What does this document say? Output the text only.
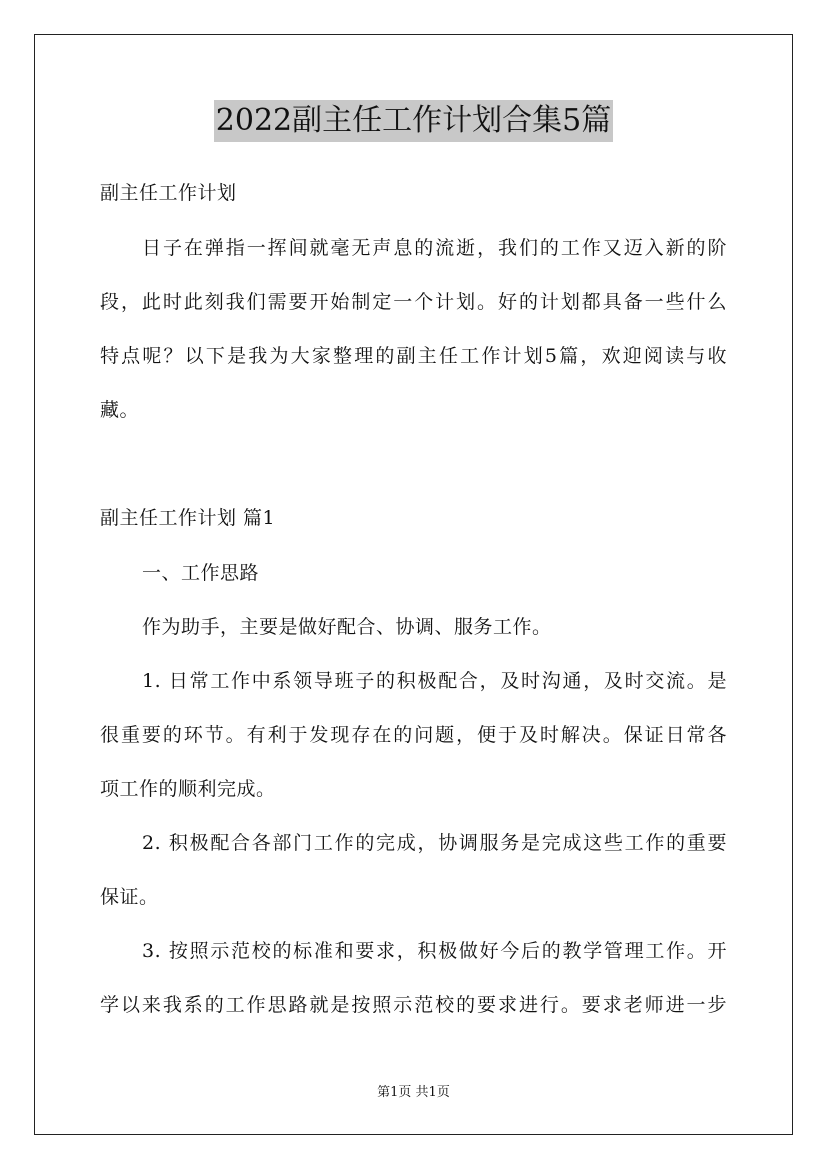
2022副主任工作计划合集5篇
副主任工作计划
日子在弹指一挥间就毫无声息的流逝，我们的工作又迈入新的阶
段，此时此刻我们需要开始制定一个计划。好的计划都具备一些什么
特点呢？以下是我为大家整理的副主任工作计划5篇，欢迎阅读与收
藏。
副主任工作计划 篇1
一、工作思路
作为助手，主要是做好配合、协调、服务工作。
1. 日常工作中系领导班子的积极配合，及时沟通，及时交流。是
很重要的环节。有利于发现存在的问题，便于及时解决。保证日常各
项工作的顺利完成。
2. 积极配合各部门工作的完成，协调服务是完成这些工作的重要
保证。
3. 按照示范校的标准和要求，积极做好今后的教学管理工作。开
学以来我系的工作思路就是按照示范校的要求进行。要求老师进一步
第1页 共1页
